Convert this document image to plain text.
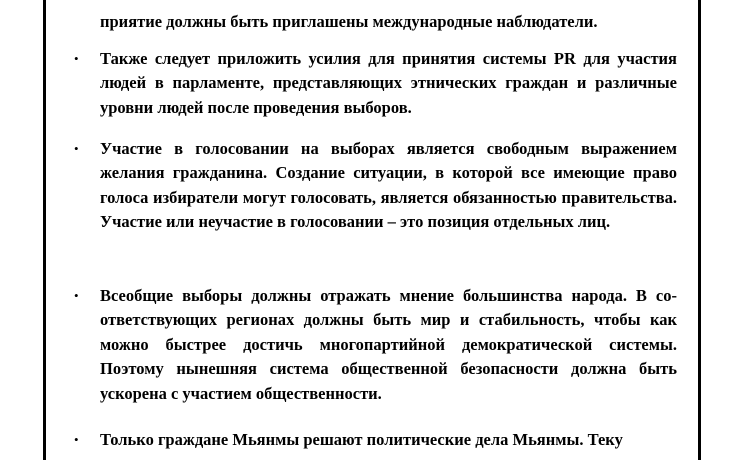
приятие должны быть приглашены международные наблюдатели.
• Также следует приложить усилия для принятия системы PR для участия людей в парламенте, представляющих этнических граждан и различные уровни людей после проведения выборов.
• Участие в голосовании на выборах является свободным выражением желания гражданина. Создание ситуации, в которой все имеющие право голоса избиратели могут голосовать, является обязанностью правительства. Участие или неучастие в голосовании – это позиция отдельных лиц.
• Всеобщие выборы должны отражать мнение большинства народа. В соответствующих регионах должны быть мир и стабильность, чтобы как можно быстрее достичь многопартийной демократической системы. Поэтому нынешняя система общественной безопасности должна быть ускорена с участием общественности.
• Только граждане Мьянмы решают политические дела Мьянмы. Теку
